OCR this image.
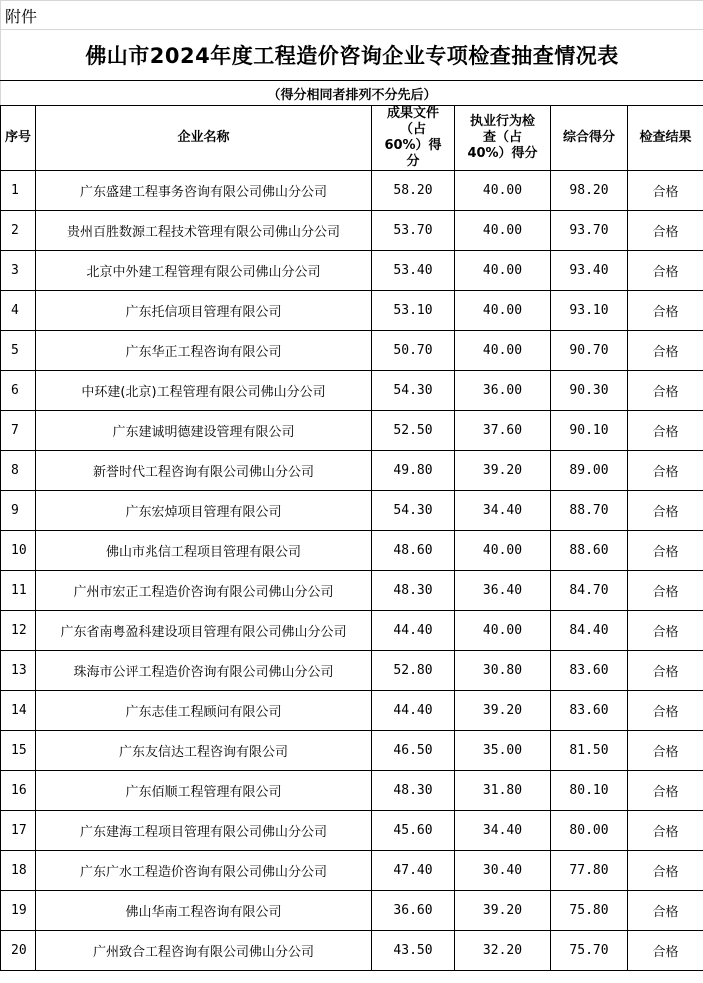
附件					
佛山市2024年度工程造价咨询企业专项检查抽查情况表					
（得分相同者排列不分先后）					
序号	企业名称	成果文件（占60%）得分	执业行为检查（占40%）得分	综合得分	检查结果
1	广东盛建工程事务咨询有限公司佛山分公司	58.20	40.00	98.20	合格
2	贵州百胜数源工程技术管理有限公司佛山分公司	53.70	40.00	93.70	合格
3	北京中外建工程管理有限公司佛山分公司	53.40	40.00	93.40	合格
4	广东托信项目管理有限公司	53.10	40.00	93.10	合格
5	广东华正工程咨询有限公司	50.70	40.00	90.70	合格
6	中环建(北京)工程管理有限公司佛山分公司	54.30	36.00	90.30	合格
7	广东建诚明德建设管理有限公司	52.50	37.60	90.10	合格
8	新誉时代工程咨询有限公司佛山分公司	49.80	39.20	89.00	合格
9	广东宏焯项目管理有限公司	54.30	34.40	88.70	合格
10	佛山市兆信工程项目管理有限公司	48.60	40.00	88.60	合格
11	广州市宏正工程造价咨询有限公司佛山分公司	48.30	36.40	84.70	合格
12	广东省南粤盈科建设项目管理有限公司佛山分公司	44.40	40.00	84.40	合格
13	珠海市公评工程造价咨询有限公司佛山分公司	52.80	30.80	83.60	合格
14	广东志佳工程顾问有限公司	44.40	39.20	83.60	合格
15	广东友信达工程咨询有限公司	46.50	35.00	81.50	合格
16	广东佰顺工程管理有限公司	48.30	31.80	80.10	合格
17	广东建海工程项目管理有限公司佛山分公司	45.60	34.40	80.00	合格
18	广东广水工程造价咨询有限公司佛山分公司	47.40	30.40	77.80	合格
19	佛山华南工程咨询有限公司	36.60	39.20	75.80	合格
20	广州致合工程咨询有限公司佛山分公司	43.50	32.20	75.70	合格
